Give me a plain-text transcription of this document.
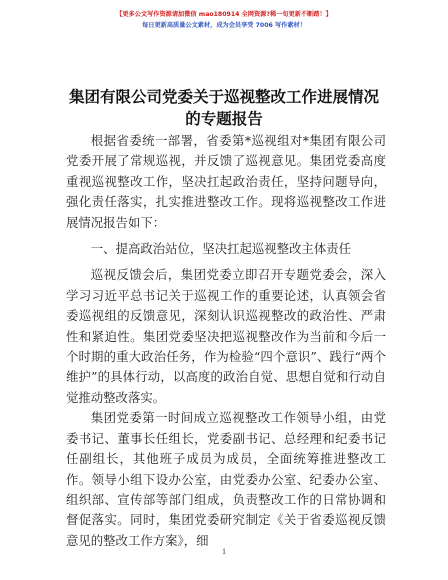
【更多公文写作资源请加微信 mao180914 全网资源?稀一旬更新不断踏！】
每日更新高质量公文素材，成为会员享受 7006 写作素材！
集团有限公司党委关于巡视整改工作进展情况
的专题报告

根据省委统一部署，省委第*巡视组对*集团有限公司党委开展了常规巡视，并反馈了巡视意见。集团党委高度重视巡视整改工作，坚决扛起政治责任，坚持问题导向，强化责任落实，扎实推进整改工作。现将巡视整改工作进展情况报告如下：

一、提高政治站位，坚决扛起巡视整改主体责任

巡视反馈会后，集团党委立即召开专题党委会，深入学习习近平总书记关于巡视工作的重要论述，认真领会省委巡视组的反馈意见，深刻认识巡视整改的政治性、严肃性和紧迫性。集团党委坚决把巡视整改作为当前和今后一个时期的重大政治任务，作为检验“四个意识”、践行“两个维护”的具体行动，以高度的政治自觉、思想自觉和行动自觉推动整改落实。

集团党委第一时间成立巡视整改工作领导小组，由党委书记、董事长任组长，党委副书记、总经理和纪委书记任副组长，其他班子成员为成员，全面统筹推进整改工作。领导小组下设办公室，由党委办公室、纪委办公室、组织部、宣传部等部门组成，负责整改工作的日常协调和督促落实。同时，集团党委研究制定《关于省委巡视反馈意见的整改工作方案》，细

1
